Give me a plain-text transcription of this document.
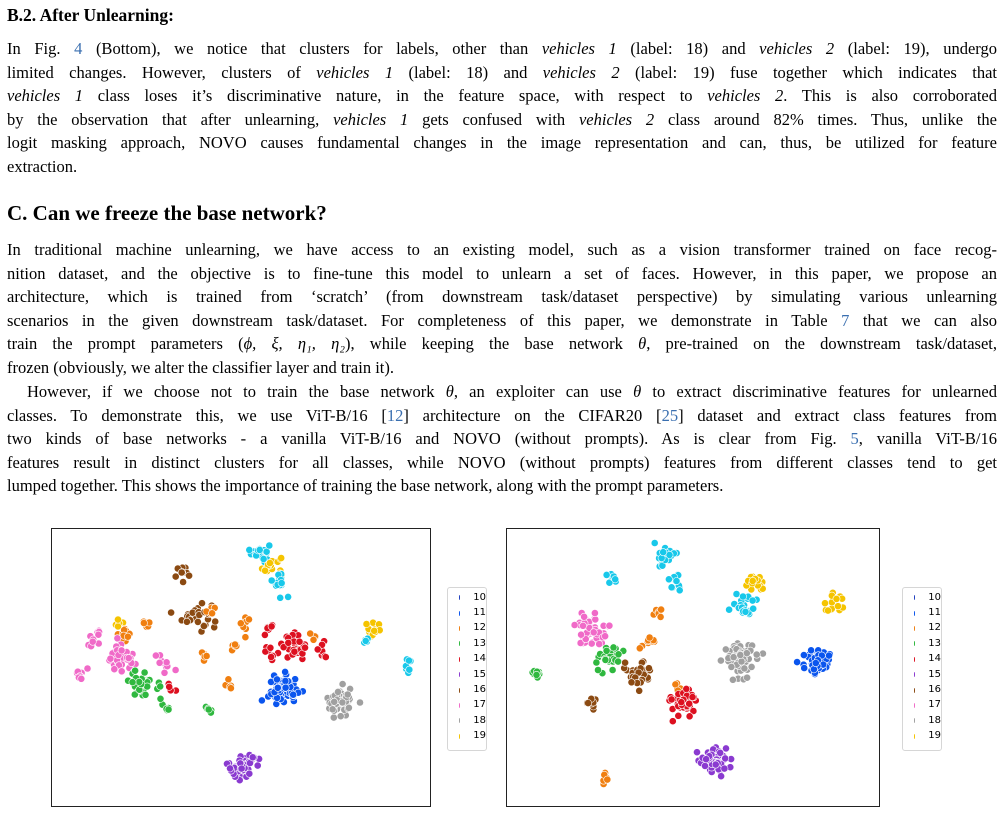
B.2. After Unlearning:
In Fig. 4 (Bottom), we notice that clusters for labels, other than vehicles 1 (label: 18) and vehicles 2 (label: 19), undergo
limited changes. However, clusters of vehicles 1 (label: 18) and vehicles 2 (label: 19) fuse together which indicates that
vehicles 1 class loses it’s discriminative nature, in the feature space, with respect to vehicles 2. This is also corroborated
by the observation that after unlearning, vehicles 1 gets confused with vehicles 2 class around 82% times. Thus, unlike the
logit masking approach, NOVO causes fundamental changes in the image representation and can, thus, be utilized for feature
extraction.
C. Can we freeze the base network?
In traditional machine unlearning, we have access to an existing model, such as a vision transformer trained on face recog-
nition dataset, and the objective is to fine-tune this model to unlearn a set of faces. However, in this paper, we propose an
architecture, which is trained from ‘scratch’ (from downstream task/dataset perspective) by simulating various unlearning
scenarios in the given downstream task/dataset. For completeness of this paper, we demonstrate in Table 7 that we can also
train the prompt parameters (ϕ, ξ, η₁, η₂), while keeping the base network θ, pre-trained on the downstream task/dataset,
frozen (obviously, we alter the classifier layer and train it).
However, if we choose not to train the base network θ, an exploiter can use θ to extract discriminative features for unlearned
classes. To demonstrate this, we use ViT-B/16 [12] architecture on the CIFAR20 [25] dataset and extract class features from
two kinds of base networks - a vanilla ViT-B/16 and NOVO (without prompts). As is clear from Fig. 5, vanilla ViT-B/16
features result in distinct clusters for all classes, while NOVO (without prompts) features from different classes tend to get
lumped together. This shows the importance of training the base network, along with the prompt parameters.
10
11
12
13
14
15
16
17
18
19
10
11
12
13
14
15
16
17
18
19
